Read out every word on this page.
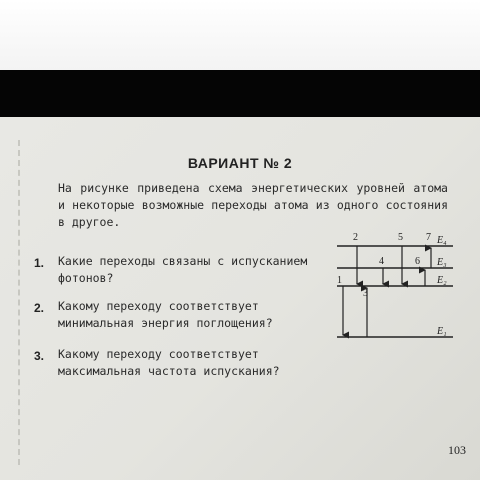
ВАРИАНТ № 2
На рисунке приведена схема энергетических уровней атома и некоторые возможные переходы атома из одного состояния в другое.
1. Какие переходы связаны с испусканием фотонов?
2. Какому переходу соответствует минимальная энергия поглощения?
3. Какому переходу соответствует максимальная частота испускания?
E₄
E₃
E₂
E₁
1
2
3
4
5
6
7
103
